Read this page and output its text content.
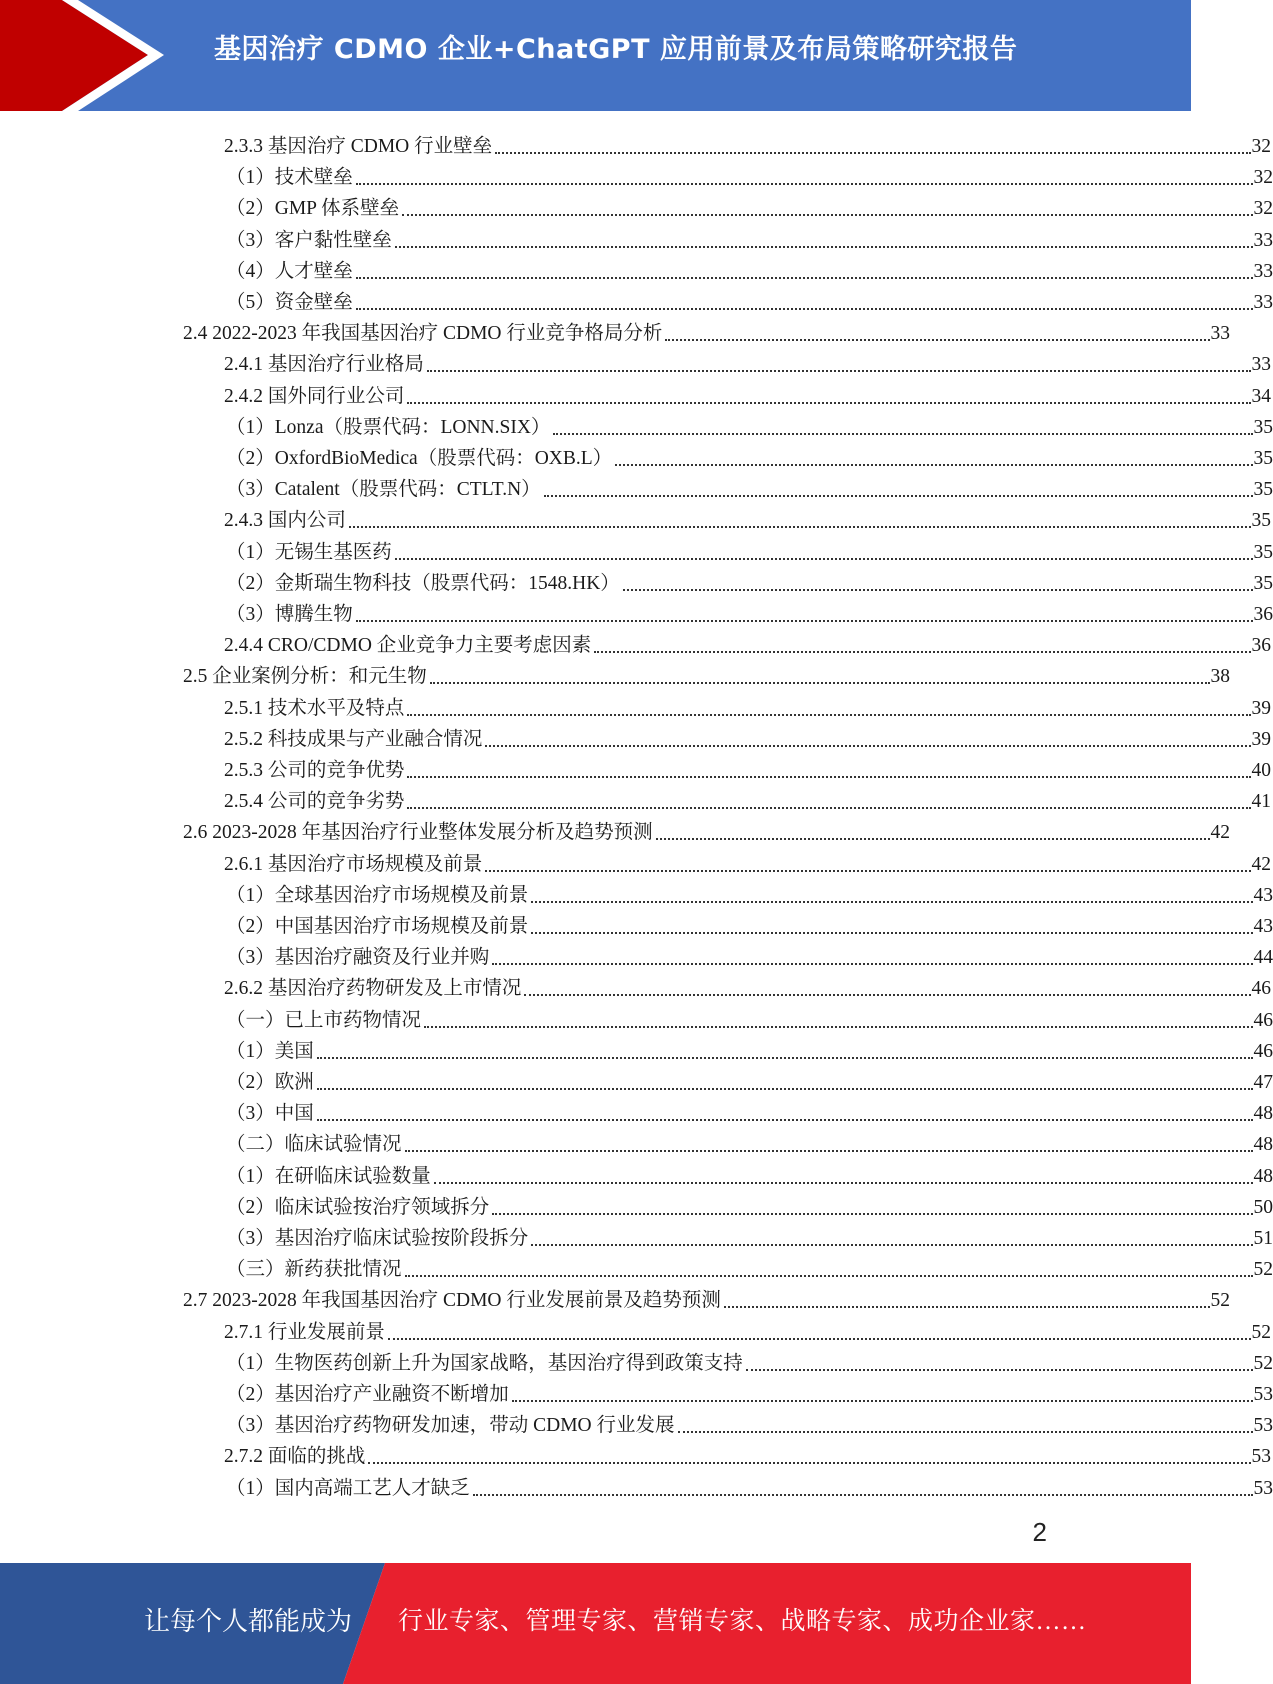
基因治疗 CDMO 企业+ChatGPT 应用前景及布局策略研究报告
2.3.3 基因治疗 CDMO 行业壁垒	32
（1）技术壁垒	32
（2）GMP 体系壁垒	32
（3）客户黏性壁垒	33
（4）人才壁垒	33
（5）资金壁垒	33
2.4 2022-2023 年我国基因治疗 CDMO 行业竞争格局分析	33
2.4.1 基因治疗行业格局	33
2.4.2 国外同行业公司	34
（1）Lonza（股票代码：LONN.SIX）	35
（2）OxfordBioMedica（股票代码：OXB.L）	35
（3）Catalent（股票代码：CTLT.N）	35
2.4.3 国内公司	35
（1）无锡生基医药	35
（2）金斯瑞生物科技（股票代码：1548.HK）	35
（3）博腾生物	36
2.4.4 CRO/CDMO 企业竞争力主要考虑因素	36
2.5 企业案例分析：和元生物	38
2.5.1 技术水平及特点	39
2.5.2 科技成果与产业融合情况	39
2.5.3 公司的竞争优势	40
2.5.4 公司的竞争劣势	41
2.6 2023-2028 年基因治疗行业整体发展分析及趋势预测	42
2.6.1 基因治疗市场规模及前景	42
（1）全球基因治疗市场规模及前景	43
（2）中国基因治疗市场规模及前景	43
（3）基因治疗融资及行业并购	44
2.6.2 基因治疗药物研发及上市情况	46
（一）已上市药物情况	46
（1）美国	46
（2）欧洲	47
（3）中国	48
（二）临床试验情况	48
（1）在研临床试验数量	48
（2）临床试验按治疗领域拆分	50
（3）基因治疗临床试验按阶段拆分	51
（三）新药获批情况	52
2.7 2023-2028 年我国基因治疗 CDMO 行业发展前景及趋势预测	52
2.7.1 行业发展前景	52
（1）生物医药创新上升为国家战略，基因治疗得到政策支持	52
（2）基因治疗产业融资不断增加	53
（3）基因治疗药物研发加速，带动 CDMO 行业发展	53
2.7.2 面临的挑战	53
（1）国内高端工艺人才缺乏	53
2
让每个人都能成为 行业专家、管理专家、营销专家、战略专家、成功企业家……
